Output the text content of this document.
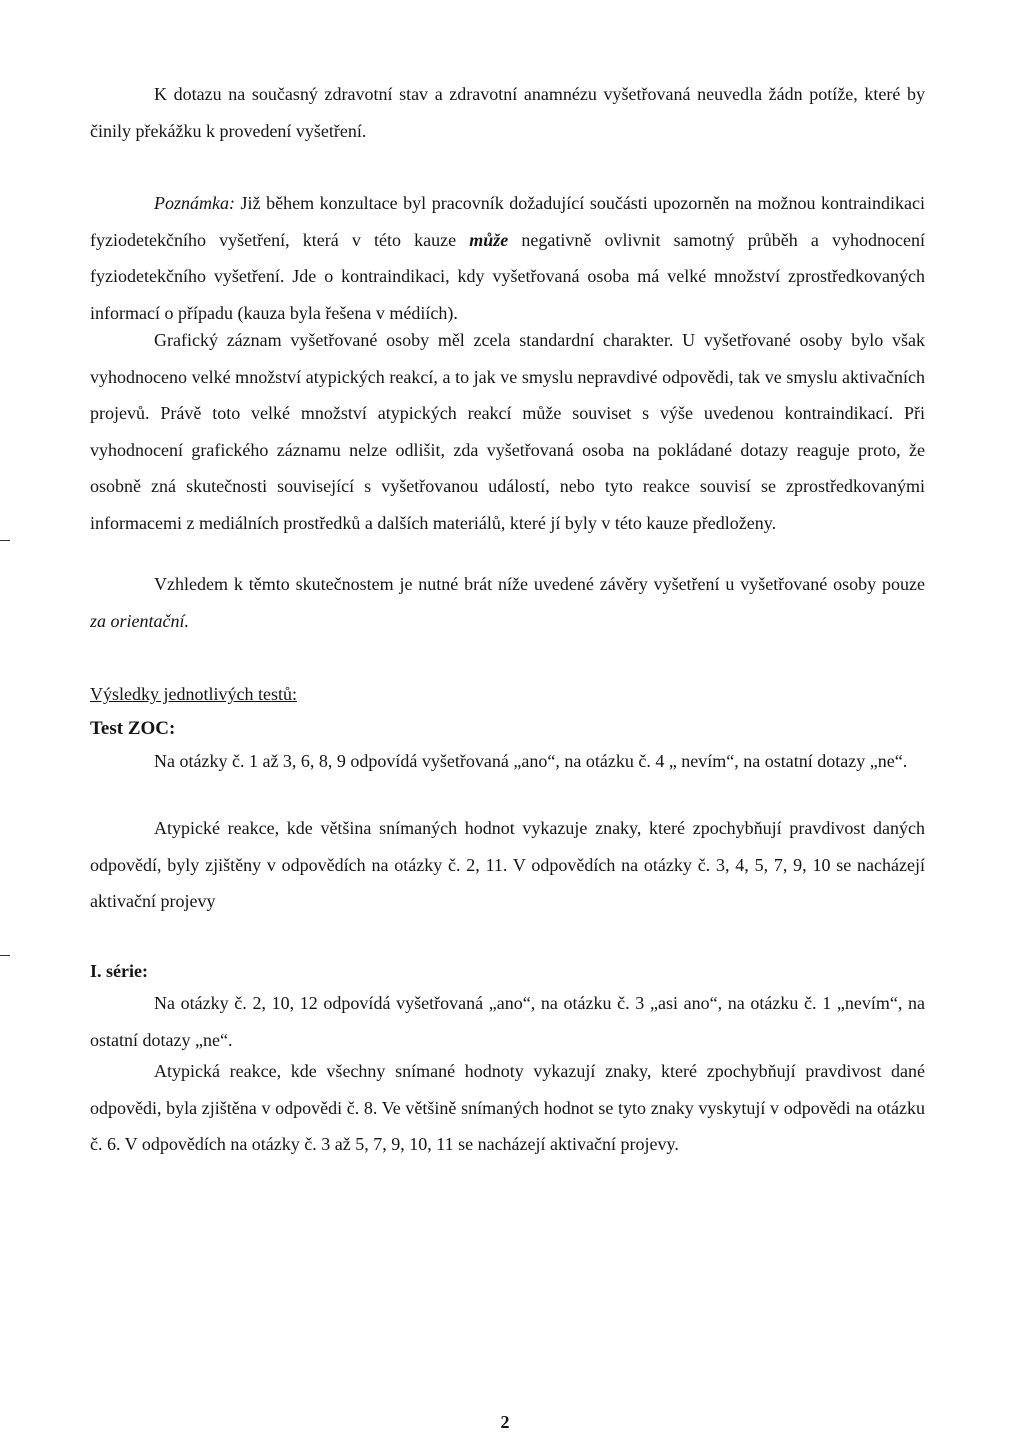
K dotazu na současný zdravotní stav a zdravotní anamnézu vyšetřovaná neuvedla žádn potíže, které by činily překážku k provedení vyšetření.

Poznámka: Již během konzultace byl pracovník dožadující součásti upozorněn na možnou kontraindikaci fyziodetekčního vyšetření, která v této kauze může negativně ovlivnit samotný průběh a vyhodnocení fyziodetekčního vyšetření. Jde o kontraindikaci, kdy vyšetřovaná osoba má velké množství zprostředkovaných informací o případu (kauza byla řešena v médiích).

Grafický záznam vyšetřované osoby měl zcela standardní charakter. U vyšetřované osoby bylo však vyhodnoceno velké množství atypických reakcí, a to jak ve smyslu nepravdivé odpovědi, tak ve smyslu aktivačních projevů. Právě toto velké množství atypických reakcí může souviset s výše uvedenou kontraindikací. Při vyhodnocení grafického záznamu nelze odlišit, zda vyšetřovaná osoba na pokládané dotazy reaguje proto, že osobně zná skutečnosti související s vyšetřovanou událostí, nebo tyto reakce souvisí se zprostředkovanými informacemi z mediálních prostředků a dalších materiálů, které jí byly v této kauze předloženy.

Vzhledem k těmto skutečnostem je nutné brát níže uvedené závěry vyšetření u vyšetřované osoby pouze za orientační.

Výsledky jednotlivých testů:

Test ZOC:

Na otázky č. 1 až 3, 6, 8, 9 odpovídá vyšetřovaná „ano“, na otázku č. 4 „ nevím“, na ostatní dotazy „ne“.

Atypické reakce, kde většina snímaných hodnot vykazuje znaky, které zpochybňují pravdivost daných odpovědí, byly zjištěny v odpovědích na otázky č. 2, 11. V odpovědích na otázky č. 3, 4, 5, 7, 9, 10 se nacházejí aktivační projevy

I. série:

Na otázky č. 2, 10, 12 odpovídá vyšetřovaná „ano“, na otázku č. 3 „asi ano“, na otázku č. 1 „nevím“, na ostatní dotazy „ne“.

Atypická reakce, kde všechny snímané hodnoty vykazují znaky, které zpochybňují pravdivost dané odpovědi, byla zjištěna v odpovědi č. 8. Ve většině snímaných hodnot se tyto znaky vyskytují v odpovědi na otázku č. 6. V odpovědích na otázky č. 3 až 5, 7, 9, 10, 11 se nacházejí aktivační projevy.

2
